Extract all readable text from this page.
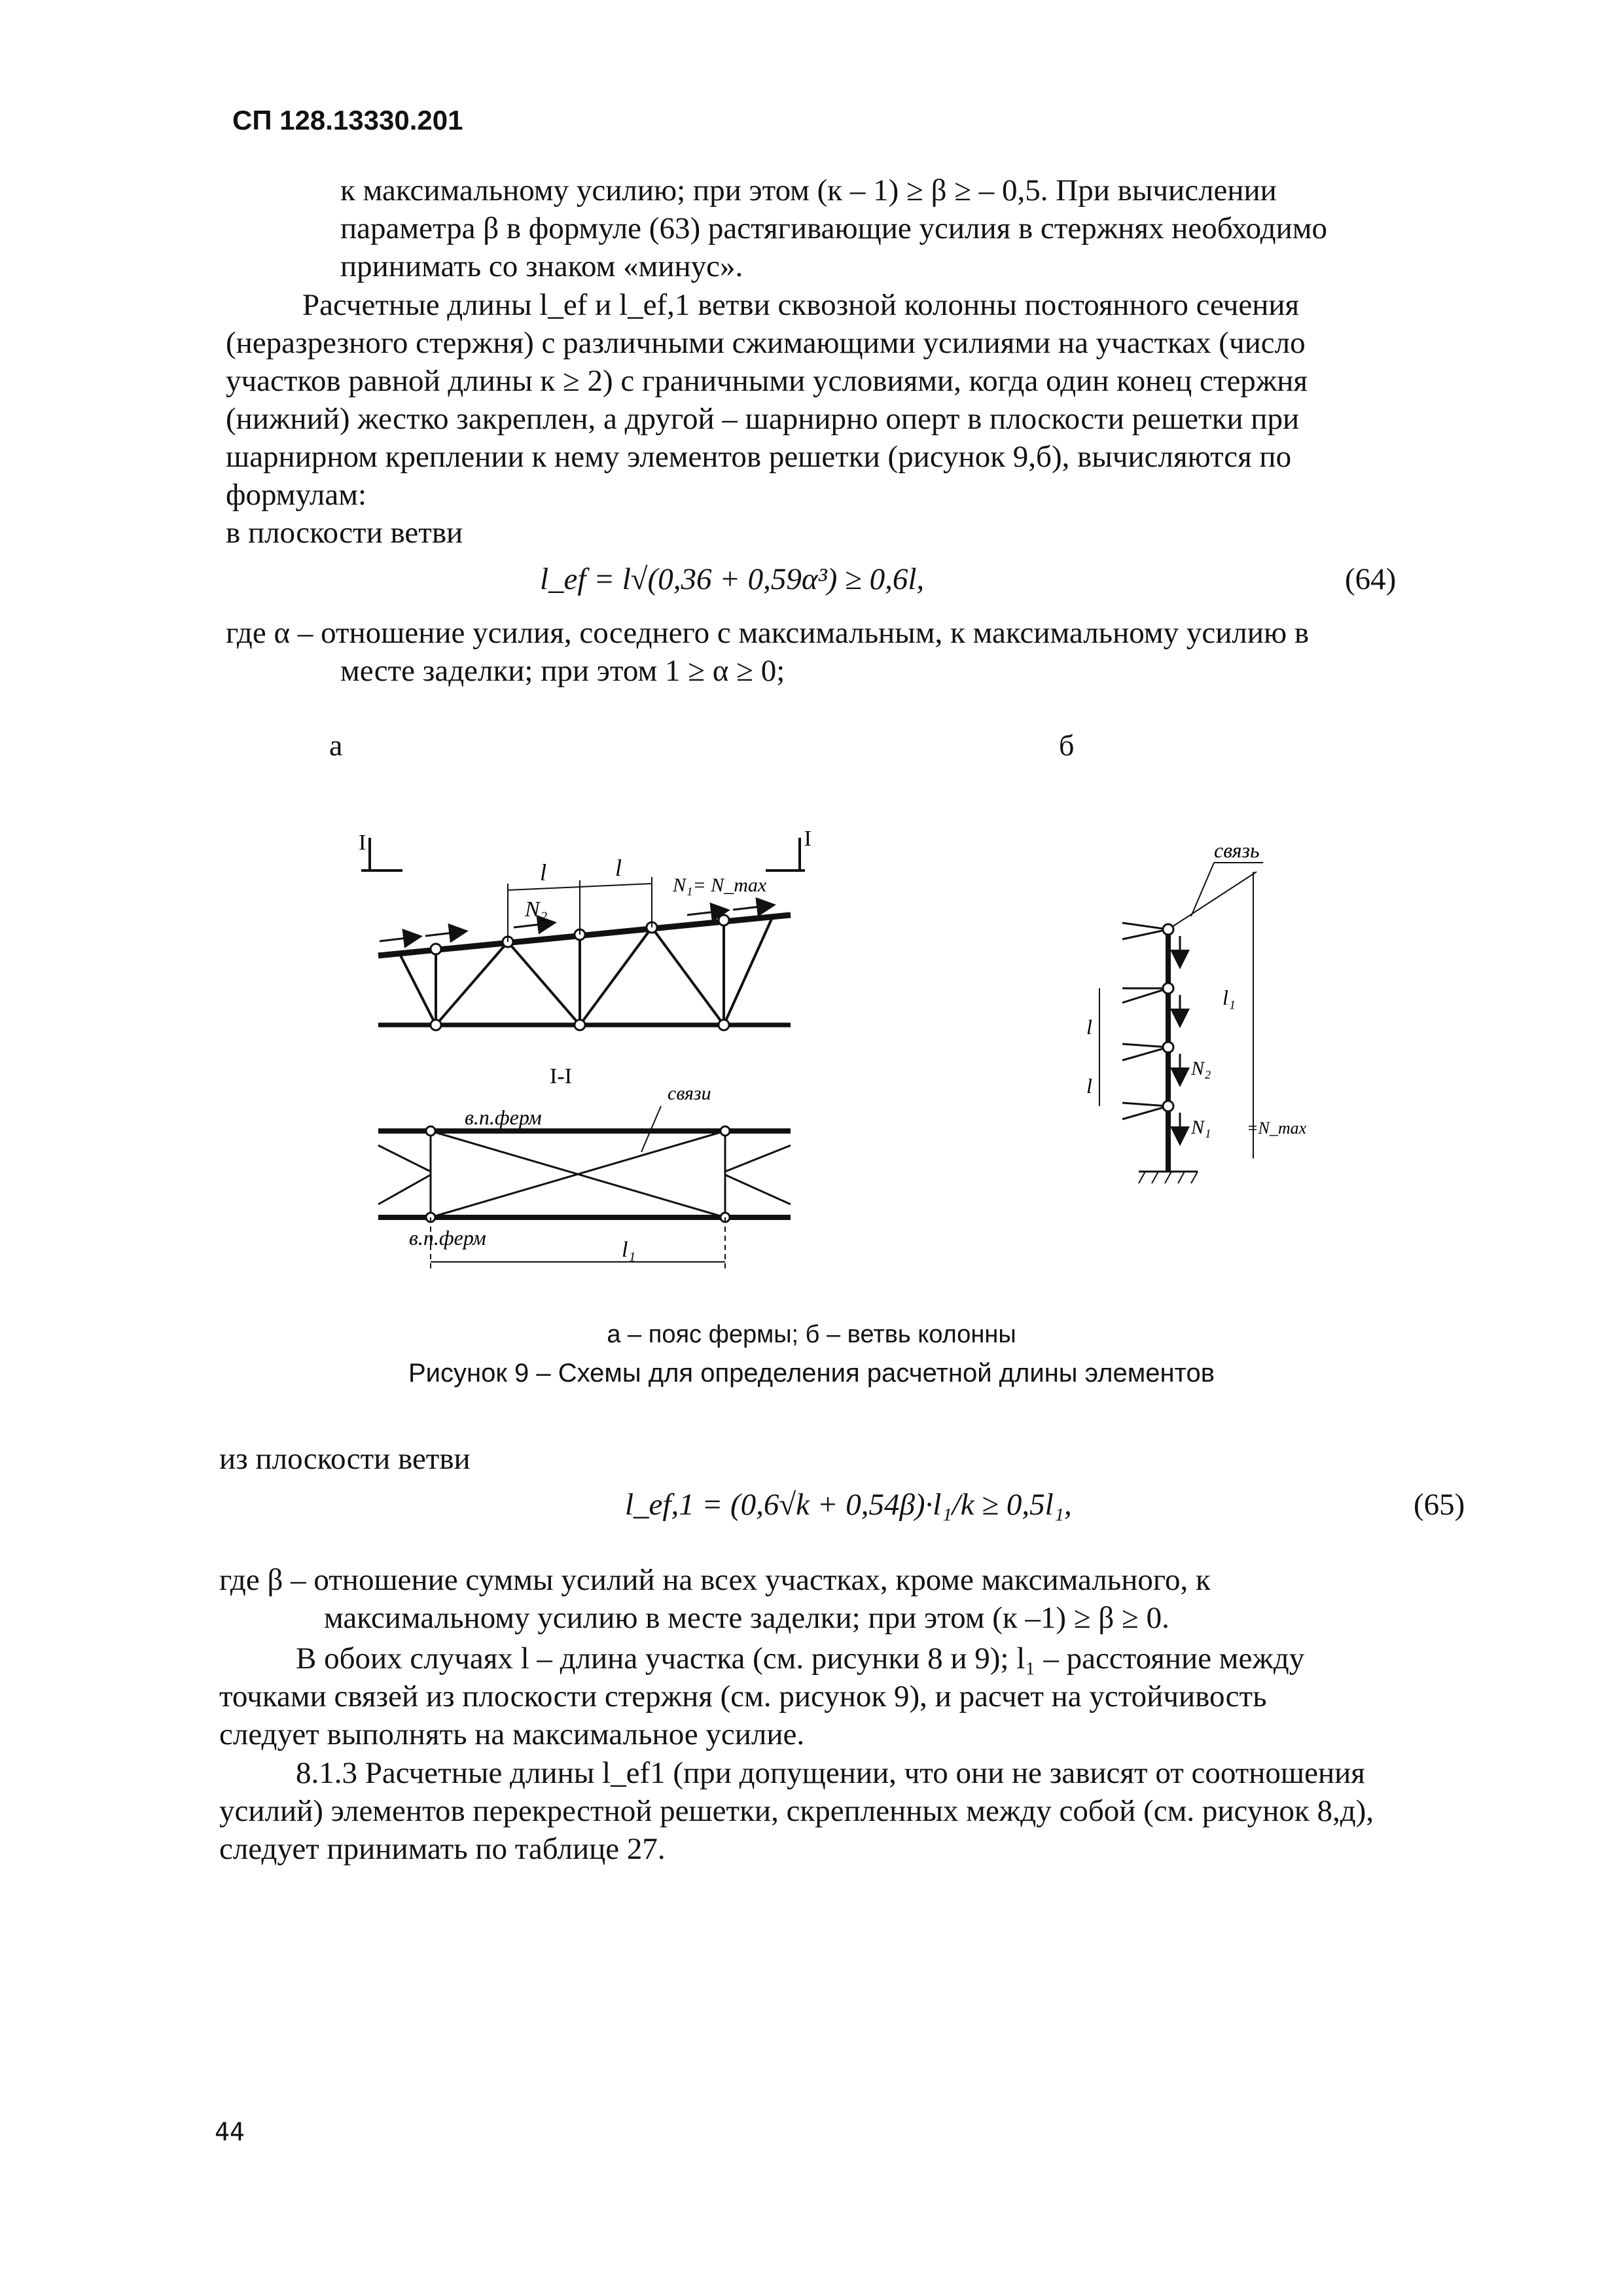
СП 128.13330.201
к максимальному усилию; при этом (к – 1) ≥ β ≥ – 0,5. При вычислении
параметра β в формуле (63) растягивающие усилия в стержнях необходимо
принимать со знаком «минус».
Расчетные длины l_ef и l_ef,1 ветви сквозной колонны постоянного сечения
(неразрезного стержня) с различными сжимающими усилиями на участках (число
участков равной длины к ≥ 2) с граничными условиями, когда один конец стержня
(нижний) жестко закреплен, а другой – шарнирно оперт в плоскости решетки при
шарнирном креплении к нему элементов решетки (рисунок 9,б), вычисляются по
формулам:
в плоскости ветви
l_ef = l√(0,36 + 0,59α³) ≥ 0,6l,	(64)
где α – отношение усилия, соседнего с максимальным, к максимальному усилию в
месте заделки; при этом 1 ≥ α ≥ 0;
а	б
I	I
l	l
N₂
N₁= N_max
I-I
в.п.ферм
связи
в.п.ферм	l₁
связь
l
l
l₁
N₂
N₁ =N_max
а – пояс фермы; б – ветвь колонны
Рисунок 9 – Схемы для определения расчетной длины элементов
из плоскости ветви
l_ef,1 = (0,6√k + 0,54β)·l₁/k ≥ 0,5l₁,	(65)
где β – отношение суммы усилий на всех участках, кроме максимального, к
максимальному усилию в месте заделки; при этом (к –1) ≥ β ≥ 0.
В обоих случаях l – длина участка (см. рисунки 8 и 9); l₁ – расстояние между
точками связей из плоскости стержня (см. рисунок 9), и расчет на устойчивость
следует выполнять на максимальное усилие.
8.1.3 Расчетные длины l_ef1 (при допущении, что они не зависят от соотношения
усилий) элементов перекрестной решетки, скрепленных между собой (см. рисунок 8,д),
следует принимать по таблице 27.
44
